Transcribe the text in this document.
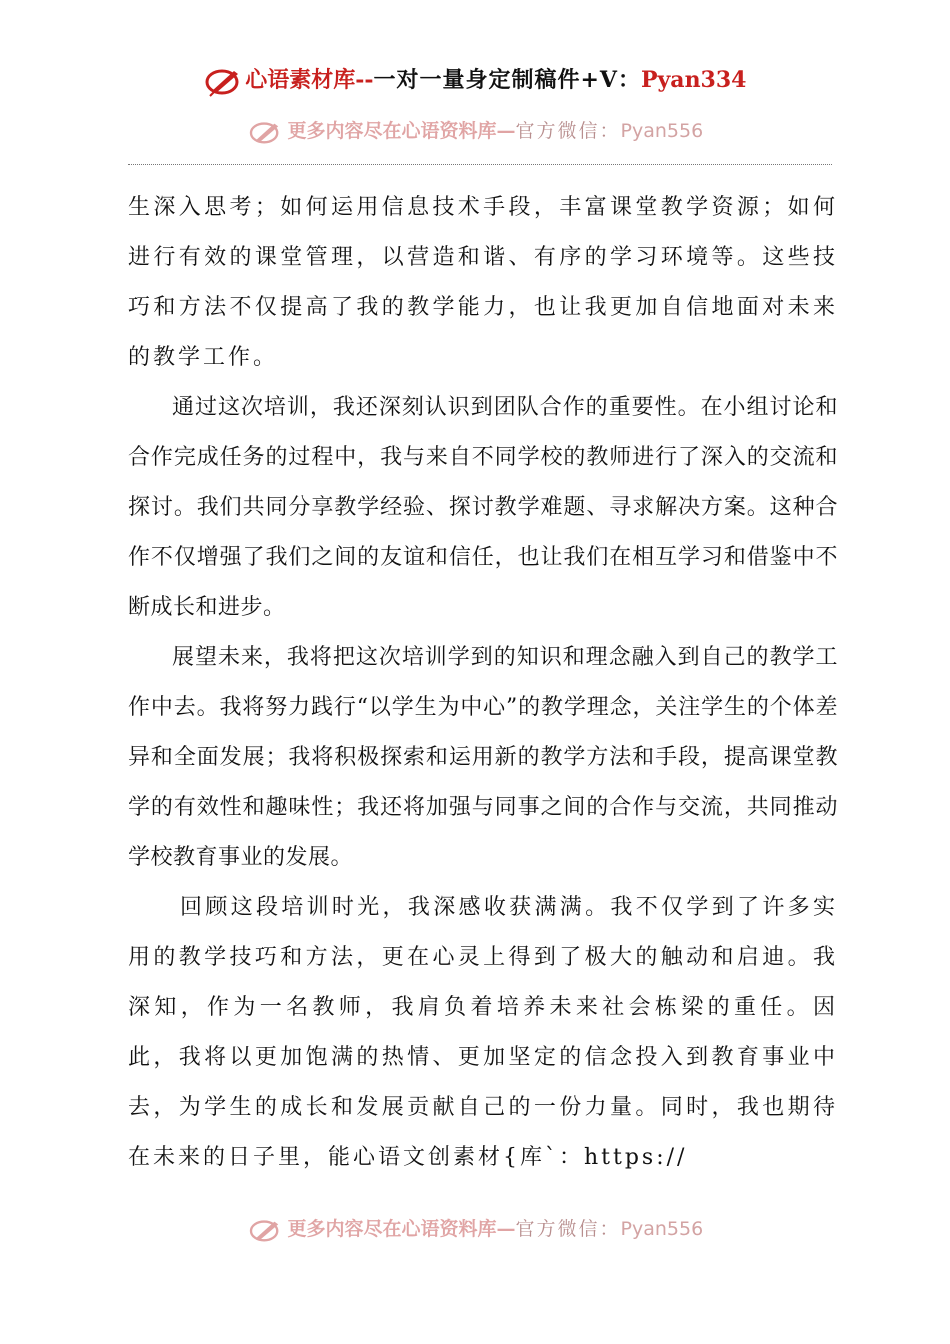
心语素材库--一对一量身定制稿件+V：Pyan334
更多内容尽在心语资料库—官方微信：Pyan556

生深入思考；如何运用信息技术手段，丰富课堂教学资源；如何进行有效的课堂管理，以营造和谐、有序的学习环境等。这些技巧和方法不仅提高了我的教学能力，也让我更加自信地面对未来的教学工作。

通过这次培训，我还深刻认识到团队合作的重要性。在小组讨论和合作完成任务的过程中，我与来自不同学校的教师进行了深入的交流和探讨。我们共同分享教学经验、探讨教学难题、寻求解决方案。这种合作不仅增强了我们之间的友谊和信任，也让我们在相互学习和借鉴中不断成长和进步。

展望未来，我将把这次培训学到的知识和理念融入到自己的教学工作中去。我将努力践行“以学生为中心”的教学理念，关注学生的个体差异和全面发展；我将积极探索和运用新的教学方法和手段，提高课堂教学的有效性和趣味性；我还将加强与同事之间的合作与交流，共同推动学校教育事业的发展。

回顾这段培训时光，我深感收获满满。我不仅学到了许多实用的教学技巧和方法，更在心灵上得到了极大的触动和启迪。我深知，作为一名教师，我肩负着培养未来社会栋梁的重任。因此，我将以更加饱满的热情、更加坚定的信念投入到教育事业中去，为学生的成长和发展贡献自己的一份力量。同时，我也期待在未来的日子里，能心语文创素材{库`：https://

更多内容尽在心语资料库—官方微信：Pyan556
